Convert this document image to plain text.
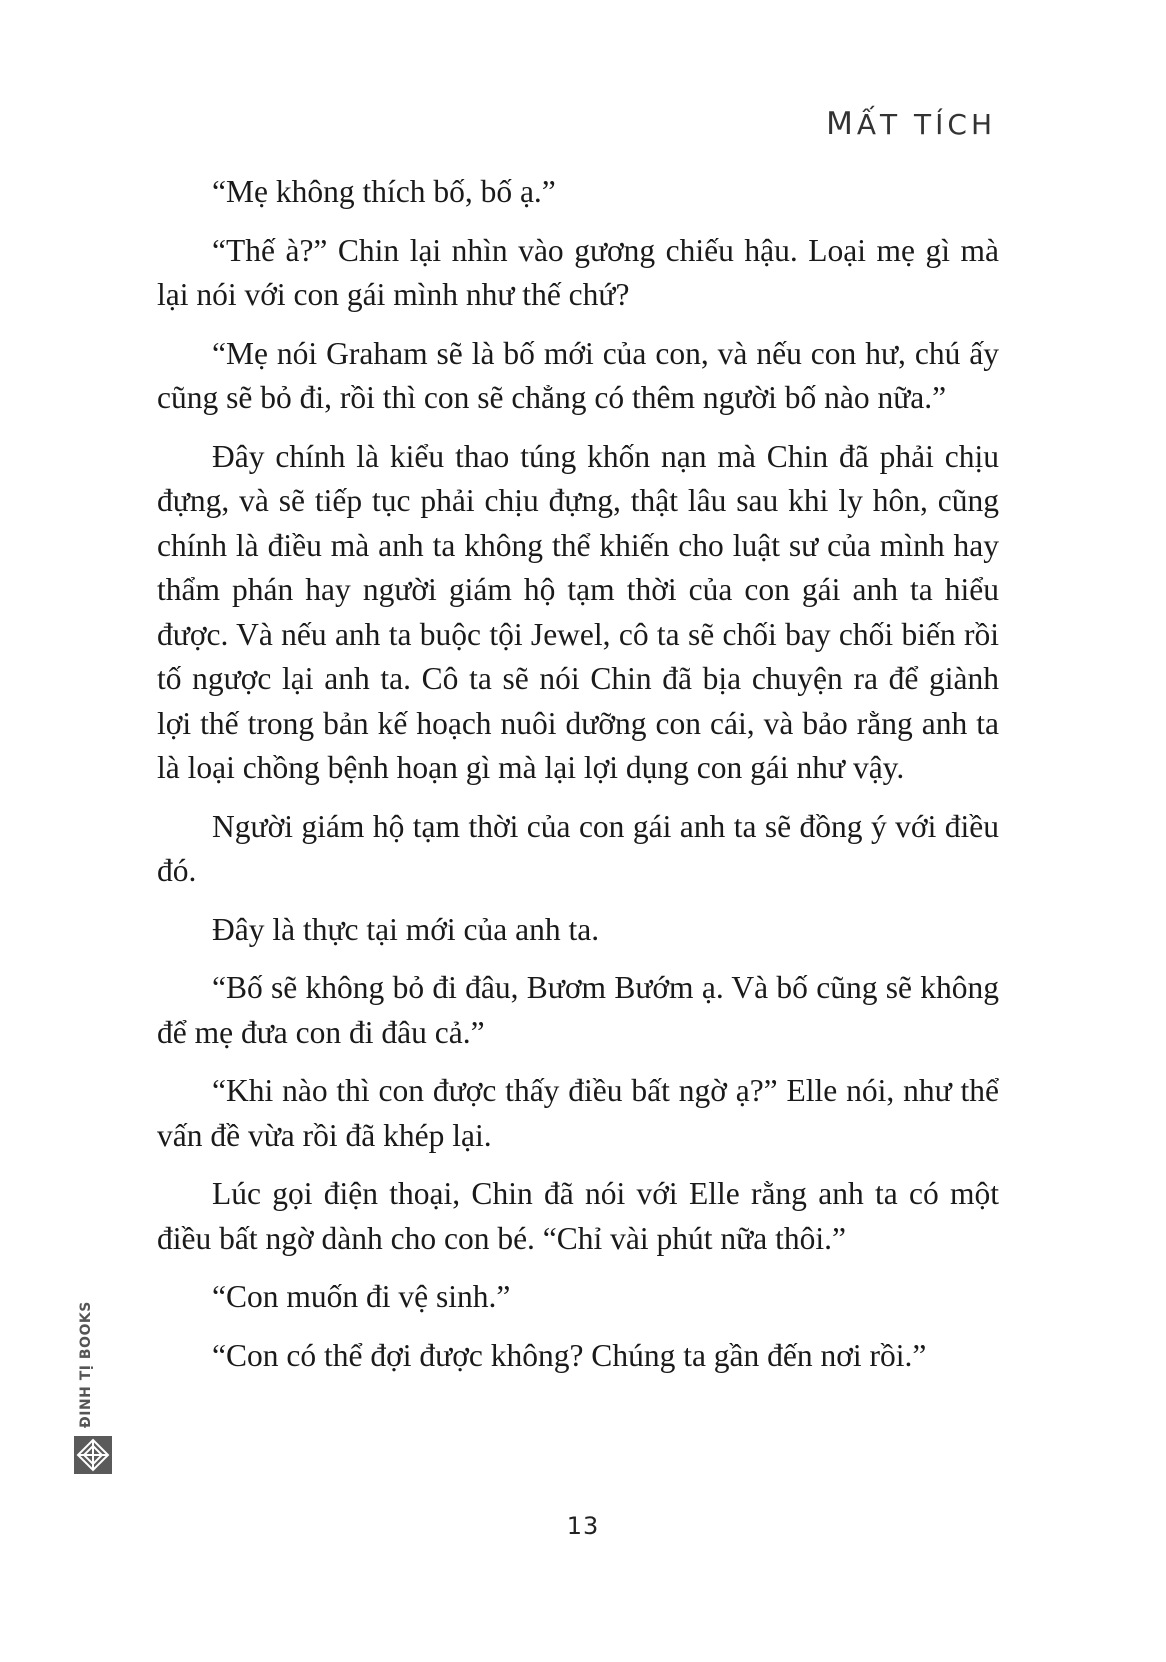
MẤT TÍCH

“Mẹ không thích bố, bố ạ.”

“Thế à?” Chin lại nhìn vào gương chiếu hậu. Loại mẹ gì mà lại nói với con gái mình như thế chứ?

“Mẹ nói Graham sẽ là bố mới của con, và nếu con hư, chú ấy cũng sẽ bỏ đi, rồi thì con sẽ chẳng có thêm người bố nào nữa.”

Đây chính là kiểu thao túng khốn nạn mà Chin đã phải chịu đựng, và sẽ tiếp tục phải chịu đựng, thật lâu sau khi ly hôn, cũng chính là điều mà anh ta không thể khiến cho luật sư của mình hay thẩm phán hay người giám hộ tạm thời của con gái anh ta hiểu được. Và nếu anh ta buộc tội Jewel, cô ta sẽ chối bay chối biến rồi tố ngược lại anh ta. Cô ta sẽ nói Chin đã bịa chuyện ra để giành lợi thế trong bản kế hoạch nuôi dưỡng con cái, và bảo rằng anh ta là loại chồng bệnh hoạn gì mà lại lợi dụng con gái như vậy.

Người giám hộ tạm thời của con gái anh ta sẽ đồng ý với điều đó.

Đây là thực tại mới của anh ta.

“Bố sẽ không bỏ đi đâu, Bươm Bướm ạ. Và bố cũng sẽ không để mẹ đưa con đi đâu cả.”

“Khi nào thì con được thấy điều bất ngờ ạ?” Elle nói, như thể vấn đề vừa rồi đã khép lại.

Lúc gọi điện thoại, Chin đã nói với Elle rằng anh ta có một điều bất ngờ dành cho con bé. “Chỉ vài phút nữa thôi.”

“Con muốn đi vệ sinh.”

“Con có thể đợi được không? Chúng ta gần đến nơi rồi.”

13
ĐINH TỊ BOOKS
